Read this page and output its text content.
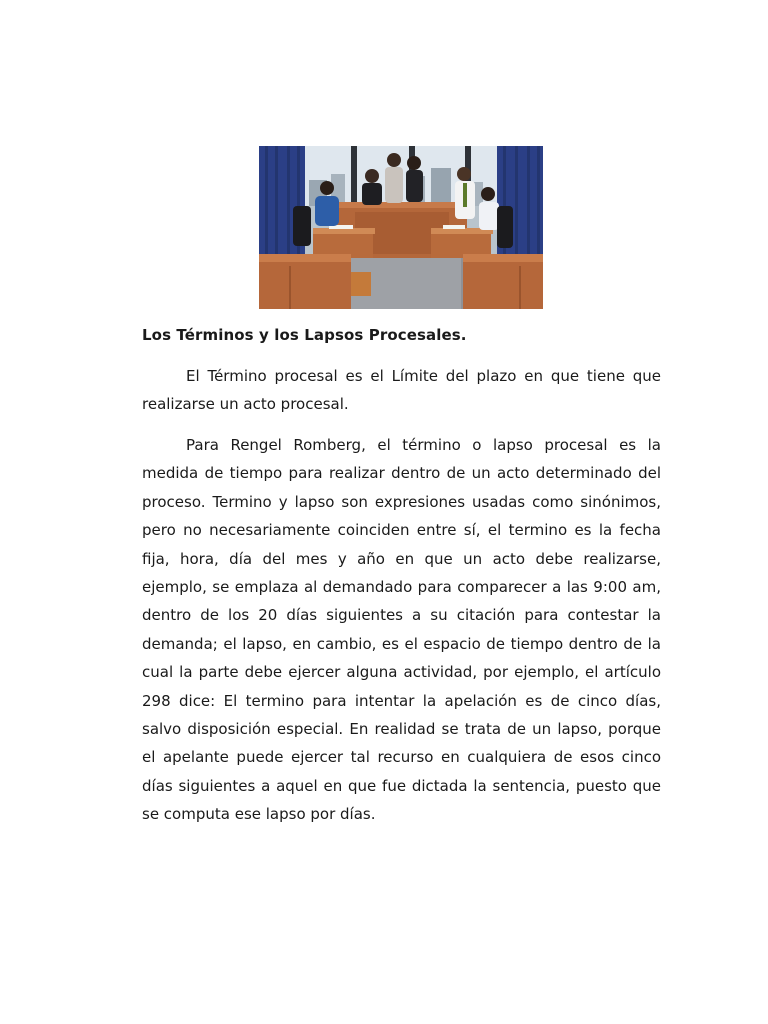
Los Términos y los Lapsos Procesales.

El Término procesal es el Límite del plazo en que tiene que realizarse un acto procesal.

Para Rengel Romberg, el término o lapso procesal es la medida de tiempo para realizar dentro de un acto determinado del proceso. Termino y lapso son expresiones usadas como sinónimos, pero no necesariamente coinciden entre sí, el termino es la fecha fija, hora, día del mes y año en que un acto debe realizarse, ejemplo, se emplaza al demandado para comparecer a las 9:00 am, dentro de los 20 días siguientes a su citación para contestar la demanda; el lapso, en cambio, es el espacio de tiempo dentro de la cual la parte debe ejercer alguna actividad, por ejemplo, el artículo 298 dice: El termino para intentar la apelación es de cinco días, salvo disposición especial. En realidad se trata de un lapso, porque el apelante puede ejercer tal recurso en cualquiera de esos cinco días siguientes a aquel en que fue dictada la sentencia, puesto que se computa ese lapso por días.
